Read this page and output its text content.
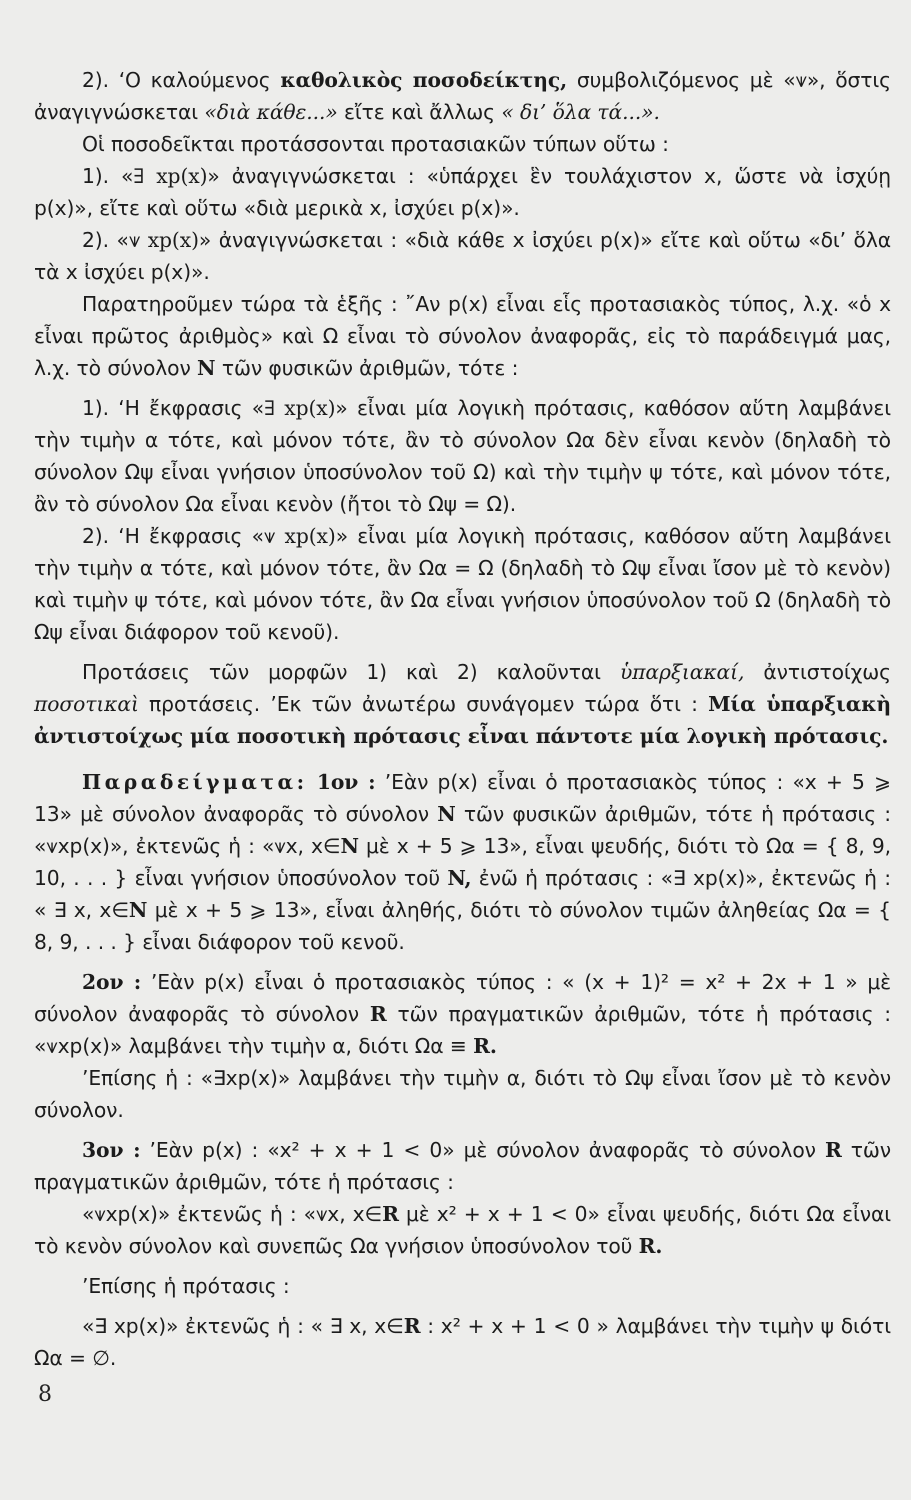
2). ‘Ο καλούμενος καθολικὸς ποσοδείκτης, συμβολιζόμενος μὲ «⩛», ὅστις ἀναγιγνώσκεται «διὰ κάθε...» εἴτε καὶ ἄλλως « δι’ ὅλα τά...».

Οἱ ποσοδεῖκται προτάσσονται προτασιακῶν τύπων οὕτω :

1). «∃ xp(x)» ἀναγιγνώσκεται : «ὑπάρχει ἓν τουλάχιστον x, ὥστε νὰ ἰσχύῃ p(x)», εἴτε καὶ οὕτω «διὰ μερικὰ x, ἰσχύει p(x)».

2). «⩛ xp(x)» ἀναγιγνώσκεται : «διὰ κάθε x ἰσχύει p(x)» εἴτε καὶ οὕτω «δι’ ὅλα τὰ x ἰσχύει p(x)».

Παρατηροῦμεν τώρα τὰ ἑξῆς : ῎Αν p(x) εἶναι εἷς προτασιακὸς τύπος, λ.χ. «ὁ x εἶναι πρῶτος ἀριθμὸς» καὶ Ω εἶναι τὸ σύνολον ἀναφορᾶς, εἰς τὸ παράδειγμά μας, λ.χ. τὸ σύνολον N τῶν φυσικῶν ἀριθμῶν, τότε :

1). ‘Η ἔκφρασις «∃ xp(x)» εἶναι μία λογικὴ πρότασις, καθόσον αὕτη λαμβάνει τὴν τιμὴν α τότε, καὶ μόνον τότε, ἂν τὸ σύνολον Ωα δὲν εἶναι κενὸν (δηλαδὴ τὸ σύνολον Ωψ εἶναι γνήσιον ὑποσύνολον τοῦ Ω) καὶ τὴν τιμὴν ψ τότε, καὶ μόνον τότε, ἂν τὸ σύνολον Ωα εἶναι κενὸν (ἤτοι τὸ Ωψ = Ω).

2). ‘Η ἔκφρασις «⩛ xp(x)» εἶναι μία λογικὴ πρότασις, καθόσον αὕτη λαμβάνει τὴν τιμὴν α τότε, καὶ μόνον τότε, ἂν Ωα = Ω (δηλαδὴ τὸ Ωψ εἶναι ἴσον μὲ τὸ κενὸν) καὶ τιμὴν ψ τότε, καὶ μόνον τότε, ἂν Ωα εἶναι γνήσιον ὑποσύνολον τοῦ Ω (δηλαδὴ τὸ Ωψ εἶναι διάφορον τοῦ κενοῦ).

Προτάσεις τῶν μορφῶν 1) καὶ 2) καλοῦνται ὑπαρξιακαί, ἀντιστοίχως ποσοτικαὶ προτάσεις. ’Εκ τῶν ἀνωτέρω συνάγομεν τώρα ὅτι : Μία ὑπαρξιακὴ ἀντιστοίχως μία ποσοτικὴ πρότασις εἶναι πάντοτε μία λογικὴ πρότασις.

Παραδείγματα: 1ον : ’Εὰν p(x) εἶναι ὁ προτασιακὸς τύπος : «x + 5 ⩾ 13» μὲ σύνολον ἀναφορᾶς τὸ σύνολον N τῶν φυσικῶν ἀριθμῶν, τότε ἡ πρότασις : «⩛xp(x)», ἐκτενῶς ἡ : «⩛x, x∈N μὲ x + 5 ⩾ 13», εἶναι ψευδής, διότι τὸ Ωα = { 8, 9, 10, . . . } εἶναι γνήσιον ὑποσύνολον τοῦ N, ἐνῶ ἡ πρότασις : «∃ xp(x)», ἐκτενῶς ἡ : « ∃ x, x∈N μὲ x + 5 ⩾ 13», εἶναι ἀληθής, διότι τὸ σύνολον τιμῶν ἀληθείας Ωα = { 8, 9, . . . } εἶναι διάφορον τοῦ κενοῦ.

2ον : ’Εὰν p(x) εἶναι ὁ προτασιακὸς τύπος : « (x + 1)² = x² + 2x + 1 » μὲ σύνολον ἀναφορᾶς τὸ σύνολον R τῶν πραγματικῶν ἀριθμῶν, τότε ἡ πρότασις : «⩛xp(x)» λαμβάνει τὴν τιμὴν α, διότι Ωα ≡ R.

’Επίσης ἡ : «∃xp(x)» λαμβάνει τὴν τιμὴν α, διότι τὸ Ωψ εἶναι ἴσον μὲ τὸ κενὸν σύνολον.

3ον : ’Εὰν p(x) : «x² + x + 1 < 0» μὲ σύνολον ἀναφορᾶς τὸ σύνολον R τῶν πραγματικῶν ἀριθμῶν, τότε ἡ πρότασις :

«⩛xp(x)» ἐκτενῶς ἡ : «⩛x, x∈R μὲ x² + x + 1 < 0» εἶναι ψευδής, διότι Ωα εἶναι τὸ κενὸν σύνολον καὶ συνεπῶς Ωα γνήσιον ὑποσύνολον τοῦ R.

’Επίσης ἡ πρότασις :

«∃ xp(x)» ἐκτενῶς ἡ : « ∃ x, x∈R : x² + x + 1 < 0 » λαμβάνει τὴν τιμὴν ψ διότι Ωα = ∅.

8
